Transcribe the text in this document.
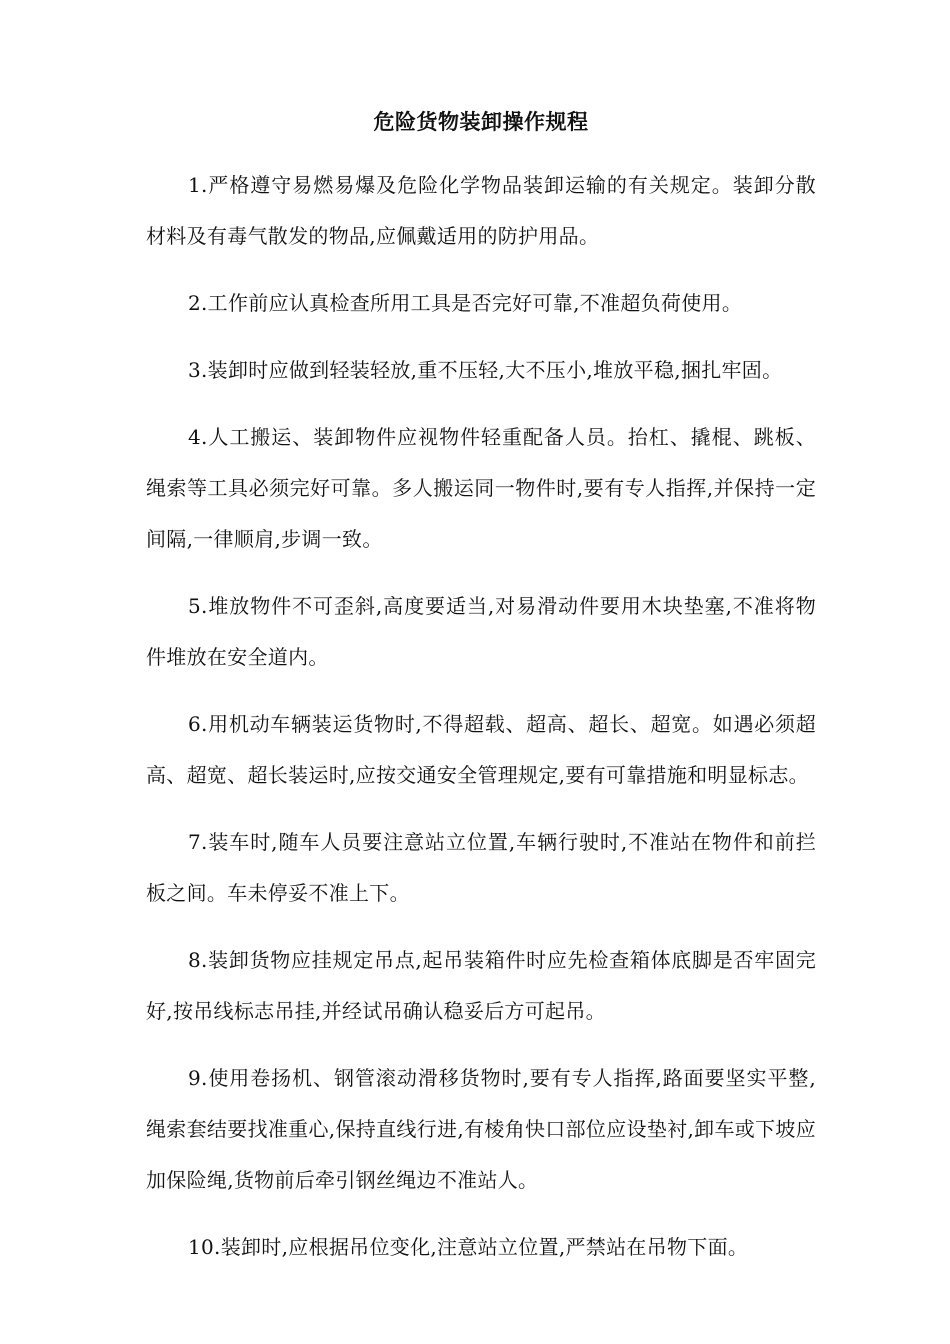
危险货物装卸操作规程

1.严格遵守易燃易爆及危险化学物品装卸运输的有关规定。装卸分散材料及有毒气散发的物品,应佩戴适用的防护用品。

2.工作前应认真检查所用工具是否完好可靠,不准超负荷使用。

3.装卸时应做到轻装轻放,重不压轻,大不压小,堆放平稳,捆扎牢固。

4.人工搬运、装卸物件应视物件轻重配备人员。抬杠、撬棍、跳板、绳索等工具必须完好可靠。多人搬运同一物件时,要有专人指挥,并保持一定间隔,一律顺肩,步调一致。

5.堆放物件不可歪斜,高度要适当,对易滑动件要用木块垫塞,不准将物件堆放在安全道内。

6.用机动车辆装运货物时,不得超载、超高、超长、超宽。如遇必须超高、超宽、超长装运时,应按交通安全管理规定,要有可靠措施和明显标志。

7.装车时,随车人员要注意站立位置,车辆行驶时,不准站在物件和前拦板之间。车未停妥不准上下。

8.装卸货物应挂规定吊点,起吊装箱件时应先检查箱体底脚是否牢固完好,按吊线标志吊挂,并经试吊确认稳妥后方可起吊。

9.使用卷扬机、钢管滚动滑移货物时,要有专人指挥,路面要坚实平整,绳索套结要找准重心,保持直线行进,有棱角快口部位应设垫衬,卸车或下坡应加保险绳,货物前后牵引钢丝绳边不准站人。

10.装卸时,应根据吊位变化,注意站立位置,严禁站在吊物下面。
